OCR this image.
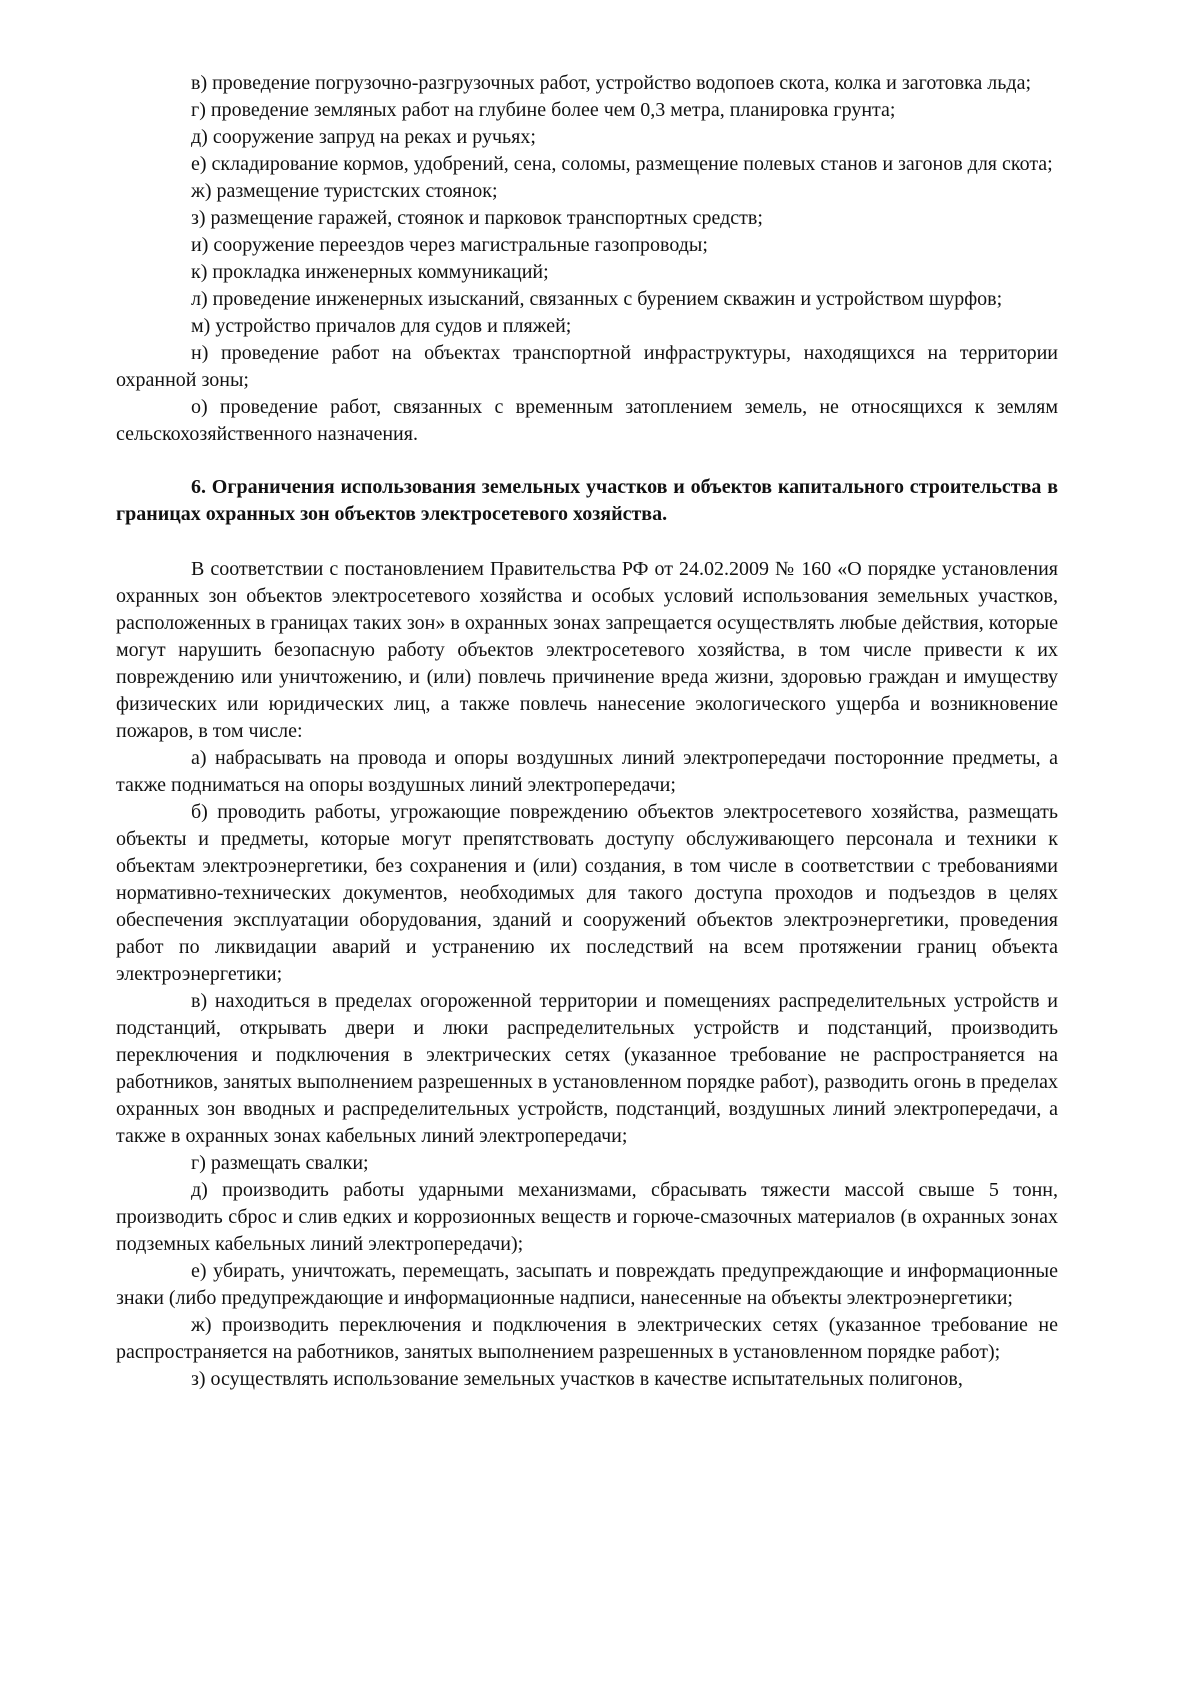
в) проведение погрузочно-разгрузочных работ, устройство водопоев скота, колка и заготовка льда;

г) проведение земляных работ на глубине более чем 0,3 метра, планировка грунта;

д) сооружение запруд на реках и ручьях;

е) складирование кормов, удобрений, сена, соломы, размещение полевых станов и загонов для скота;

ж) размещение туристских стоянок;

з) размещение гаражей, стоянок и парковок транспортных средств;

и) сооружение переездов через магистральные газопроводы;

к) прокладка инженерных коммуникаций;

л) проведение инженерных изысканий, связанных с бурением скважин и устройством шурфов;

м) устройство причалов для судов и пляжей;

н) проведение работ на объектах транспортной инфраструктуры, находящихся на территории охранной зоны;

о) проведение работ, связанных с временным затоплением земель, не относящихся к землям сельскохозяйственного назначения.

6. Ограничения использования земельных участков и объектов капитального строительства в границах охранных зон объектов электросетевого хозяйства.

В соответствии с постановлением Правительства РФ от 24.02.2009 № 160 «О порядке установления охранных зон объектов электросетевого хозяйства и особых условий использования земельных участков, расположенных в границах таких зон» в охранных зонах запрещается осуществлять любые действия, которые могут нарушить безопасную работу объектов электросетевого хозяйства, в том числе привести к их повреждению или уничтожению, и (или) повлечь причинение вреда жизни, здоровью граждан и имуществу физических или юридических лиц, а также повлечь нанесение экологического ущерба и возникновение пожаров, в том числе:

а) набрасывать на провода и опоры воздушных линий электропередачи посторонние предметы, а также подниматься на опоры воздушных линий электропередачи;

б) проводить работы, угрожающие повреждению объектов электросетевого хозяйства, размещать объекты и предметы, которые могут препятствовать доступу обслуживающего персонала и техники к объектам электроэнергетики, без сохранения и (или) создания, в том числе в соответствии с требованиями нормативно-технических документов, необходимых для такого доступа проходов и подъездов в целях обеспечения эксплуатации оборудования, зданий и сооружений объектов электроэнергетики, проведения работ по ликвидации аварий и устранению их последствий на всем протяжении границ объекта электроэнергетики;

в) находиться в пределах огороженной территории и помещениях распределительных устройств и подстанций, открывать двери и люки распределительных устройств и подстанций, производить переключения и подключения в электрических сетях (указанное требование не распространяется на работников, занятых выполнением разрешенных в установленном порядке работ), разводить огонь в пределах охранных зон вводных и распределительных устройств, подстанций, воздушных линий электропередачи, а также в охранных зонах кабельных линий электропередачи;

г) размещать свалки;

д) производить работы ударными механизмами, сбрасывать тяжести массой свыше 5 тонн, производить сброс и слив едких и коррозионных веществ и горюче-смазочных материалов (в охранных зонах подземных кабельных линий электропередачи);

е) убирать, уничтожать, перемещать, засыпать и повреждать предупреждающие и информационные знаки (либо предупреждающие и информационные надписи, нанесенные на объекты электроэнергетики;

ж) производить переключения и подключения в электрических сетях (указанное требование не распространяется на работников, занятых выполнением разрешенных в установленном порядке работ);

з) осуществлять использование земельных участков в качестве испытательных полигонов,
